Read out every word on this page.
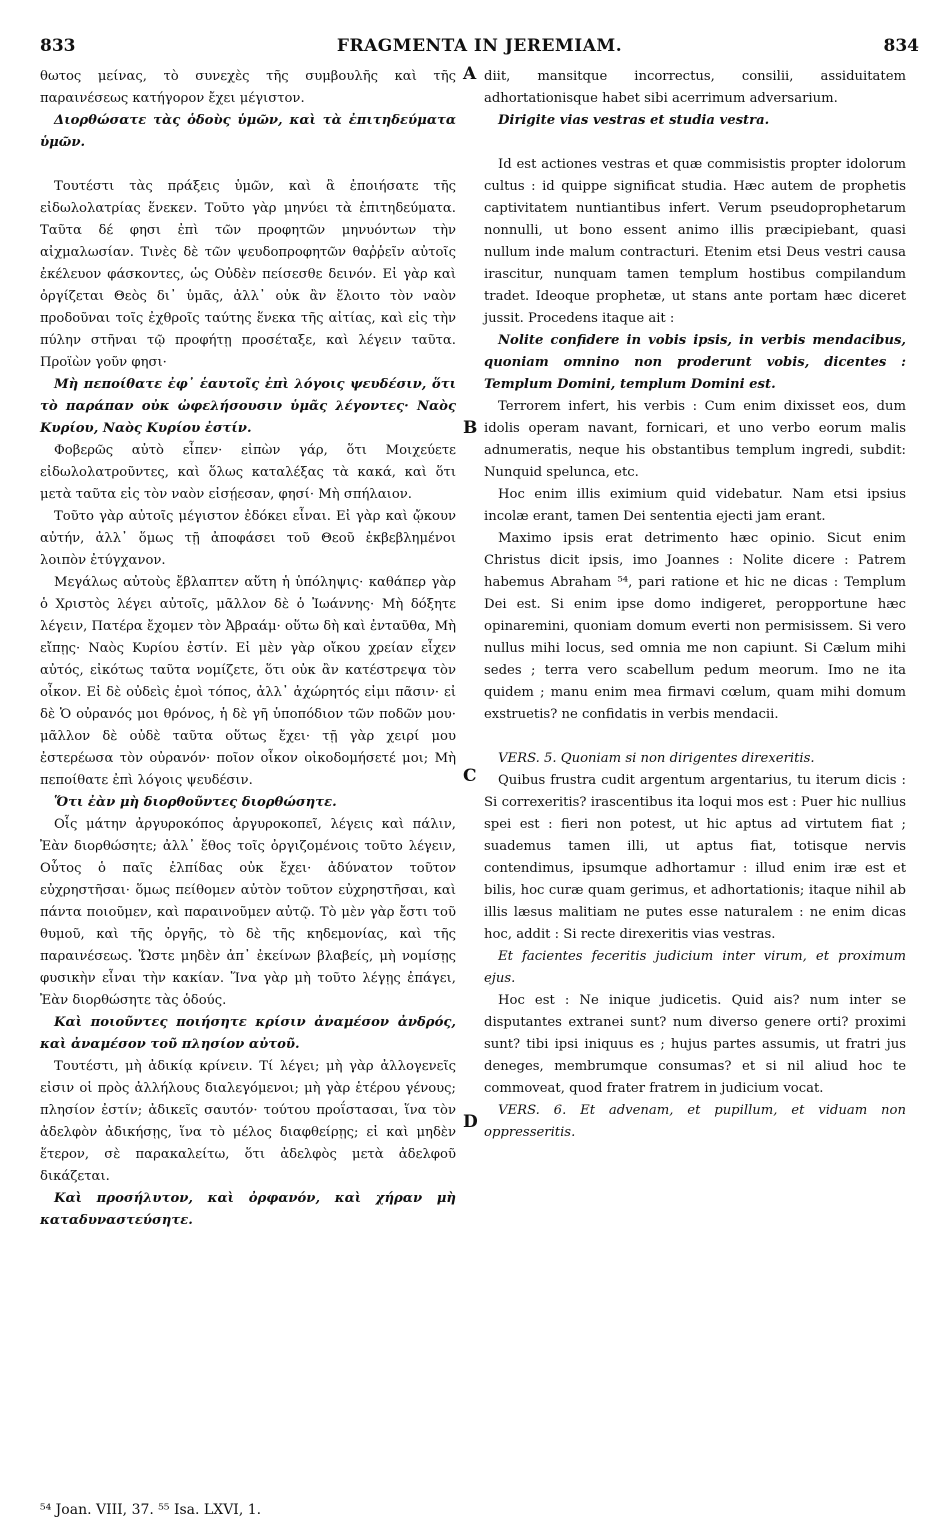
833	FRAGMENTA IN JEREMIAM.	834
A
B
C
D

θωτος μείνας, τὸ συνεχὲς τῆς συμβουλῆς καὶ τῆς παραινέσεως κατήγορον ἔχει μέγιστον.

Διορθώσατε τὰς ὁδοὺς ὑμῶν, καὶ τὰ ἐπιτηδεύματα ὑμῶν.

Τουτέστι τὰς πράξεις ὑμῶν, καὶ ἃ ἐποιήσατε τῆς εἰδωλολατρίας ἕνεκεν. Τοῦτο γὰρ μηνύει τὰ ἐπιτηδεύματα. Ταῦτα δέ φησι ἐπὶ τῶν προφητῶν μηνυόντων τὴν αἰχμαλωσίαν. Τινὲς δὲ τῶν ψευδοπροφητῶν θαῤῥεῖν αὐτοῖς ἐκέλευον φάσκοντες, ὡς Οὐδὲν πείσεσθε δεινόν. Εἰ γὰρ καὶ ὀργίζεται Θεὸς δι᾽ ὑμᾶς, ἀλλ᾽ οὐκ ἂν ἕλοιτο τὸν ναὸν προδοῦναι τοῖς ἐχθροῖς ταύτης ἕνεκα τῆς αἰτίας, καὶ εἰς τὴν πύλην στῆναι τῷ προφήτῃ προσέταξε, καὶ λέγειν ταῦτα. Προϊὼν γοῦν φησι·

Μὴ πεποίθατε ἐφ᾽ ἑαυτοῖς ἐπὶ λόγοις ψευδέσιν, ὅτι τὸ παράπαν οὐκ ὠφελήσουσιν ὑμᾶς λέγοντες· Ναὸς Κυρίου, Ναὸς Κυρίου ἐστίν.

Φοβερῶς αὐτὸ εἶπεν· εἰπὼν γάρ, ὅτι Μοιχεύετε εἰδωλολατροῦντες, καὶ ὅλως καταλέξας τὰ κακά, καὶ ὅτι μετὰ ταῦτα εἰς τὸν ναὸν εἰσῄεσαν, φησί· Μὴ σπήλαιον.

Τοῦτο γὰρ αὐτοῖς μέγιστον ἐδόκει εἶναι. Εἰ γὰρ καὶ ᾤκουν αὐτήν, ἀλλ᾽ ὅμως τῇ ἀποφάσει τοῦ Θεοῦ ἐκβεβλημένοι λοιπὸν ἐτύγχανον.

Μεγάλως αὐτοὺς ἔβλαπτεν αὕτη ἡ ὑπόληψις· καθάπερ γὰρ ὁ Χριστὸς λέγει αὐτοῖς, μᾶλλον δὲ ὁ Ἰωάννης· Μὴ δόξητε λέγειν, Πατέρα ἔχομεν τὸν Ἀβραάμ· οὕτω δὴ καὶ ἐνταῦθα, Μὴ εἴπῃς· Ναὸς Κυρίου ἐστίν. Εἰ μὲν γὰρ οἴκου χρείαν εἶχεν αὐτός, εἰκότως ταῦτα νομίζετε, ὅτι οὐκ ἂν κατέστρεψα τὸν οἶκον. Εἰ δὲ οὐδεὶς ἐμοὶ τόπος, ἀλλ᾽ ἀχώρητός εἰμι πᾶσιν· εἰ δὲ Ὁ οὐρανός μοι θρόνος, ἡ δὲ γῆ ὑποπόδιον τῶν ποδῶν μου· μᾶλλον δὲ οὐδὲ ταῦτα οὕτως ἔχει· τῇ γὰρ χειρί μου ἐστερέωσα τὸν οὐρανόν· ποῖον οἶκον οἰκοδομήσετέ μοι; Μὴ πεποίθατε ἐπὶ λόγοις ψευδέσιν.

Ὅτι ἐὰν μὴ διορθοῦντες διορθώσητε.

Οἷς μάτην ἀργυροκόπος ἀργυροκοπεῖ, λέγεις καὶ πάλιν, Ἐὰν διορθώσητε; ἀλλ᾽ ἔθος τοῖς ὀργιζομένοις τοῦτο λέγειν, Οὗτος ὁ παῖς ἐλπίδας οὐκ ἔχει· ἀδύνατον τοῦτον εὐχρηστῆσαι· ὅμως πείθομεν αὐτὸν τοῦτον εὐχρηστῆσαι, καὶ πάντα ποιοῦμεν, καὶ παραινοῦμεν αὐτῷ. Τὸ μὲν γὰρ ἔστι τοῦ θυμοῦ, καὶ τῆς ὀργῆς, τὸ δὲ τῆς κηδεμονίας, καὶ τῆς παραινέσεως. Ὥστε μηδὲν ἀπ᾽ ἐκείνων βλαβείς, μὴ νομίσῃς φυσικὴν εἶναι τὴν κακίαν. Ἵνα γὰρ μὴ τοῦτο λέγῃς ἐπάγει, Ἐὰν διορθώσητε τὰς ὁδούς.

Καὶ ποιοῦντες ποιήσητε κρίσιν ἀναμέσον ἀνδρός, καὶ ἀναμέσον τοῦ πλησίον αὐτοῦ.

Τουτέστι, μὴ ἀδικίᾳ κρίνειν. Τί λέγει; μὴ γὰρ ἀλλογενεῖς εἰσιν οἱ πρὸς ἀλλήλους διαλεγόμενοι; μὴ γὰρ ἑτέρου γένους; πλησίον ἐστίν; ἀδικεῖς σαυτόν· τούτου προΐστασαι, ἵνα τὸν ἀδελφὸν ἀδικήσῃς, ἵνα τὸ μέλος διαφθείρῃς; εἰ καὶ μηδὲν ἕτερον, σὲ παρακαλείτω, ὅτι ἀδελφὸς μετὰ ἀδελφοῦ δικάζεται.

Καὶ προσήλυτον, καὶ ὀρφανόν, καὶ χήραν μὴ καταδυναστεύσητε.

diit, mansitque incorrectus, consilii, assiduitatem adhortationisque habet sibi acerrimum adversarium.

Dirigite vias vestras et studia vestra.

Id est actiones vestras et quæ commisistis propter idolorum cultus : id quippe significat studia. Hæc autem de prophetis captivitatem nuntiantibus infert. Verum pseudoprophetarum nonnulli, ut bono essent animo illis præcipiebant, quasi nullum inde malum contracturi. Etenim etsi Deus vestri causa irascitur, nunquam tamen templum hostibus compilandum tradet. Ideoque prophetæ, ut stans ante portam hæc diceret jussit. Procedens itaque ait :

Nolite confidere in vobis ipsis, in verbis mendacibus, quoniam omnino non proderunt vobis, dicentes : Templum Domini, templum Domini est.

Terrorem infert, his verbis : Cum enim dixisset eos, dum idolis operam navant, fornicari, et uno verbo eorum malis adnumeratis, neque his obstantibus templum ingredi, subdit: Nunquid spelunca, etc.

Hoc enim illis eximium quid videbatur. Nam etsi ipsius incolæ erant, tamen Dei sententia ejecti jam erant.

Maximo ipsis erat detrimento hæc opinio. Sicut enim Christus dicit ipsis, imo Joannes : Nolite dicere : Patrem habemus Abraham ⁵⁴, pari ratione et hic ne dicas : Templum Dei est. Si enim ipse domo indigeret, peropportune hæc opinaremini, quoniam domum everti non permisissem. Si vero nullus mihi locus, sed omnia me non capiunt. Si Cælum mihi sedes ; terra vero scabellum pedum meorum. Imo ne ita quidem ; manu enim mea firmavi cœlum, quam mihi domum exstruetis? ne confidatis in verbis mendacii.

VERS. 5. Quoniam si non dirigentes direxeritis.

Quibus frustra cudit argentum argentarius, tu iterum dicis : Si correxeritis? irascentibus ita loqui mos est : Puer hic nullius spei est : fieri non potest, ut hic aptus ad virtutem fiat ; suademus tamen illi, ut aptus fiat, totisque nervis contendimus, ipsumque adhortamur : illud enim iræ est et bilis, hoc curæ quam gerimus, et adhortationis; itaque nihil ab illis læsus malitiam ne putes esse naturalem : ne enim dicas hoc, addit : Si recte direxeritis vias vestras.

Et facientes feceritis judicium inter virum, et proximum ejus.

Hoc est : Ne inique judicetis. Quid ais? num inter se disputantes extranei sunt? num diverso genere orti? proximi sunt? tibi ipsi iniquus es ; hujus partes assumis, ut fratri jus deneges, membrumque consumas? et si nil aliud hoc te commoveat, quod frater fratrem in judicium vocat.

VERS. 6. Et advenam, et pupillum, et viduam non oppresseritis.

⁵⁴ Joan. VIII, 37. ⁵⁵ Isa. LXVI, 1.
